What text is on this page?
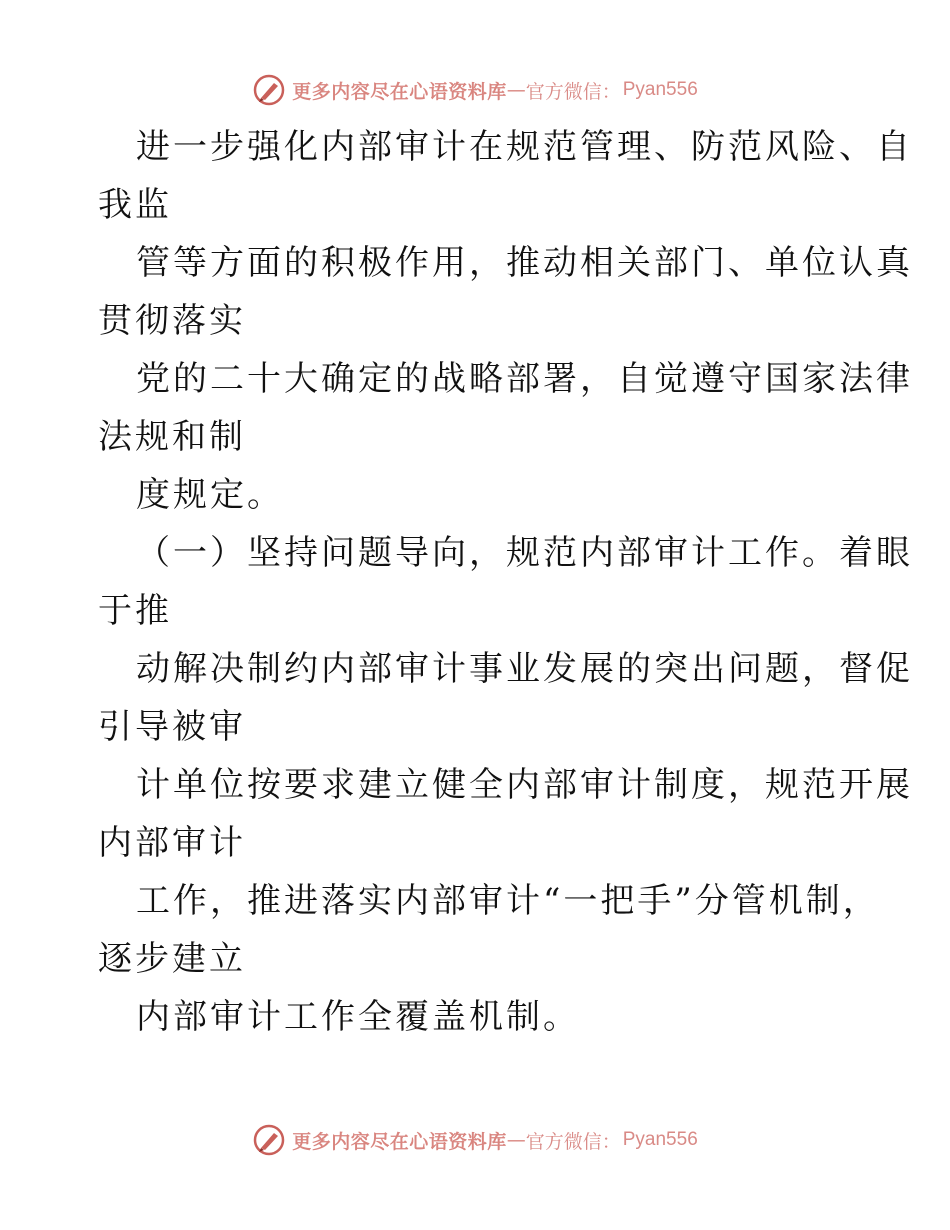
更多内容尽在心语资料库 — 官方微信： Pyan556
进一步强化内部审计在规范管理、防范风险、自
我监
管等方面的积极作用，推动相关部门、单位认真
贯彻落实
党的二十大确定的战略部署，自觉遵守国家法律
法规和制
度规定。
（一）坚持问题导向，规范内部审计工作。着眼
于推
动解决制约内部审计事业发展的突出问题，督促
引导被审
计单位按要求建立健全内部审计制度，规范开展
内部审计
工作，推进落实内部审计“一把手”分管机制，
逐步建立
内部审计工作全覆盖机制。
更多内容尽在心语资料库 — 官方微信： Pyan556
